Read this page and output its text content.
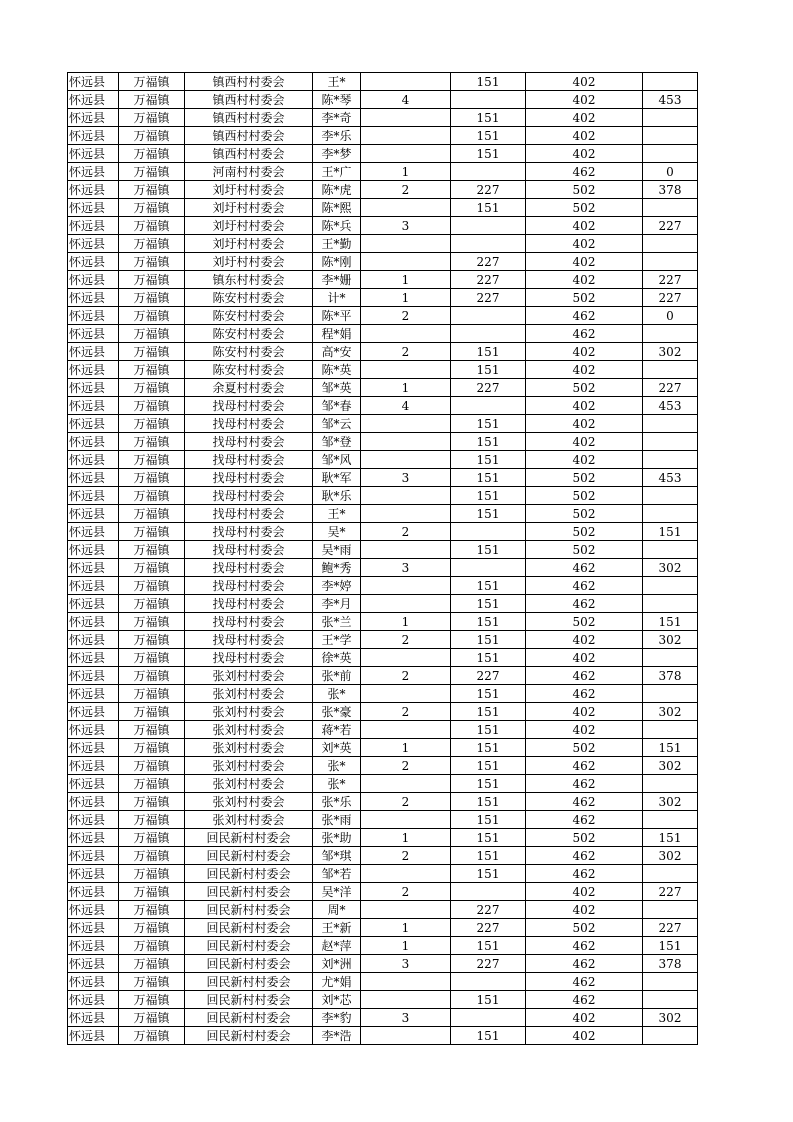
怀远县	万福镇	镇西村村委会	王*		151	402	
怀远县	万福镇	镇西村村委会	陈*琴	4		402	453
怀远县	万福镇	镇西村村委会	李*奇		151	402	
怀远县	万福镇	镇西村村委会	李*乐		151	402	
怀远县	万福镇	镇西村村委会	李*梦		151	402	
怀远县	万福镇	河南村村委会	王*广	1		462	0
怀远县	万福镇	刘圩村村委会	陈*虎	2	227	502	378
怀远县	万福镇	刘圩村村委会	陈*熙		151	502	
怀远县	万福镇	刘圩村村委会	陈*兵	3		402	227
怀远县	万福镇	刘圩村村委会	王*勤			402	
怀远县	万福镇	刘圩村村委会	陈*刚		227	402	
怀远县	万福镇	镇东村村委会	李*姗	1	227	402	227
怀远县	万福镇	陈安村村委会	计*	1	227	502	227
怀远县	万福镇	陈安村村委会	陈*平	2		462	0
怀远县	万福镇	陈安村村委会	程*娟			462	
怀远县	万福镇	陈安村村委会	高*安	2	151	402	302
怀远县	万福镇	陈安村村委会	陈*英		151	402	
怀远县	万福镇	余夏村村委会	邹*英	1	227	502	227
怀远县	万福镇	找母村村委会	邹*春	4		402	453
怀远县	万福镇	找母村村委会	邹*云		151	402	
怀远县	万福镇	找母村村委会	邹*登		151	402	
怀远县	万福镇	找母村村委会	邹*风		151	402	
怀远县	万福镇	找母村村委会	耿*军	3	151	502	453
怀远县	万福镇	找母村村委会	耿*乐		151	502	
怀远县	万福镇	找母村村委会	王*		151	502	
怀远县	万福镇	找母村村委会	吴*	2		502	151
怀远县	万福镇	找母村村委会	吴*雨		151	502	
怀远县	万福镇	找母村村委会	鲍*秀	3		462	302
怀远县	万福镇	找母村村委会	李*婷		151	462	
怀远县	万福镇	找母村村委会	李*月		151	462	
怀远县	万福镇	找母村村委会	张*兰	1	151	502	151
怀远县	万福镇	找母村村委会	王*学	2	151	402	302
怀远县	万福镇	找母村村委会	徐*英		151	402	
怀远县	万福镇	张刘村村委会	张*前	2	227	462	378
怀远县	万福镇	张刘村村委会	张*		151	462	
怀远县	万福镇	张刘村村委会	张*豪	2	151	402	302
怀远县	万福镇	张刘村村委会	蒋*若		151	402	
怀远县	万福镇	张刘村村委会	刘*英	1	151	502	151
怀远县	万福镇	张刘村村委会	张*	2	151	462	302
怀远县	万福镇	张刘村村委会	张*		151	462	
怀远县	万福镇	张刘村村委会	张*乐	2	151	462	302
怀远县	万福镇	张刘村村委会	张*雨		151	462	
怀远县	万福镇	回民新村村委会	张*助	1	151	502	151
怀远县	万福镇	回民新村村委会	邹*琪	2	151	462	302
怀远县	万福镇	回民新村村委会	邹*若		151	462	
怀远县	万福镇	回民新村村委会	吴*洋	2		402	227
怀远县	万福镇	回民新村村委会	周*		227	402	
怀远县	万福镇	回民新村村委会	王*新	1	227	502	227
怀远县	万福镇	回民新村村委会	赵*萍	1	151	462	151
怀远县	万福镇	回民新村村委会	刘*洲	3	227	462	378
怀远县	万福镇	回民新村村委会	尤*娟			462	
怀远县	万福镇	回民新村村委会	刘*芯		151	462	
怀远县	万福镇	回民新村村委会	李*豹	3		402	302
怀远县	万福镇	回民新村村委会	李*浩		151	402	
